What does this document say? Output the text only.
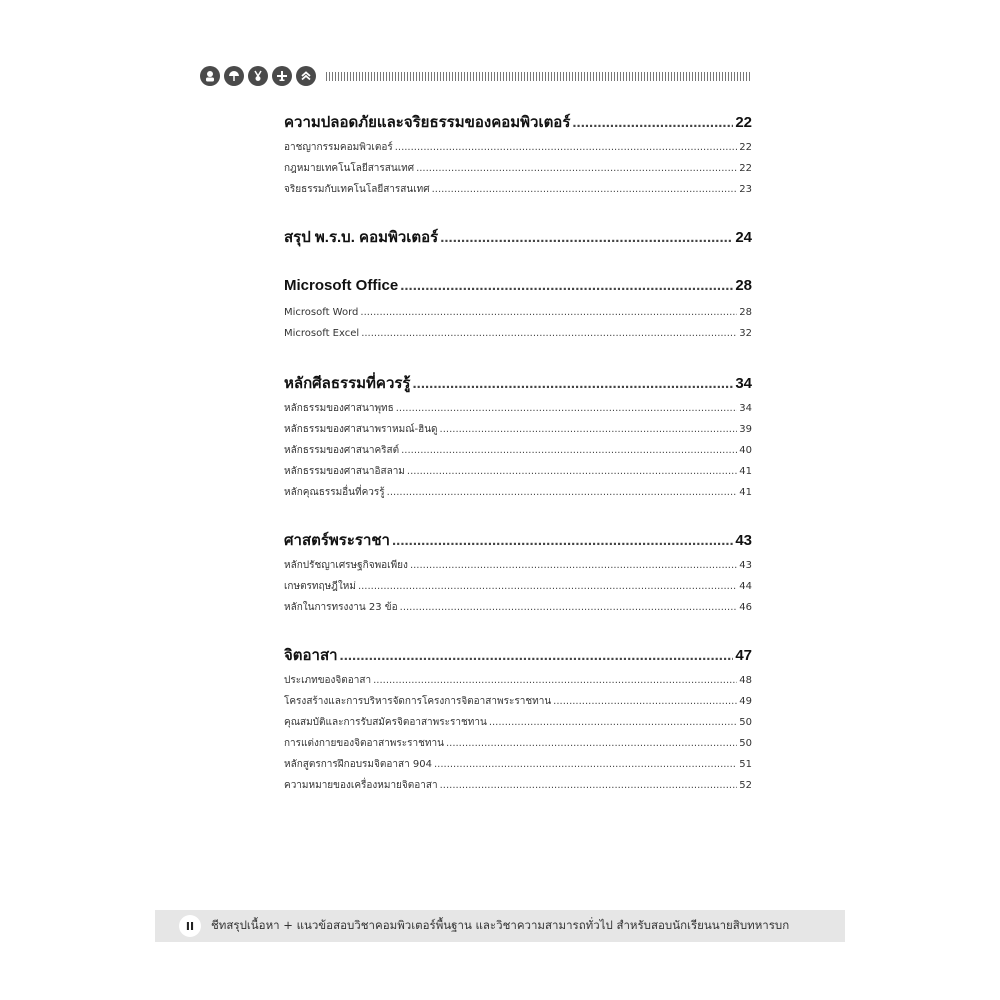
ความปลอดภัยและจริยธรรมของคอมพิวเตอร์ .....	22
อาชญากรรมคอมพิวเตอร์ .....	22
กฎหมายเทคโนโลยีสารสนเทศ .....	22
จริยธรรมกับเทคโนโลยีสารสนเทศ .....	23
สรุป พ.ร.บ. คอมพิวเตอร์ .....	24
Microsoft Office .....	28
Microsoft Word .....	28
Microsoft Excel .....	32
หลักศีลธรรมที่ควรรู้ .....	34
หลักธรรมของศาสนาพุทธ .....	34
หลักธรรมของศาสนาพราหมณ์-ฮินดู .....	39
หลักธรรมของศาสนาคริสต์ .....	40
หลักธรรมของศาสนาอิสลาม .....	41
หลักคุณธรรมอื่นที่ควรรู้ .....	41
ศาสตร์พระราชา .....	43
หลักปรัชญาเศรษฐกิจพอเพียง .....	43
เกษตรทฤษฎีใหม่ .....	44
หลักในการทรงงาน 23 ข้อ .....	46
จิตอาสา .....	47
ประเภทของจิตอาสา .....	48
โครงสร้างและการบริหารจัดการโครงการจิตอาสาพระราชทาน .....	49
คุณสมบัติและการรับสมัครจิตอาสาพระราชทาน .....	50
การแต่งกายของจิตอาสาพระราชทาน .....	50
หลักสูตรการฝึกอบรมจิตอาสา 904 .....	51
ความหมายของเครื่องหมายจิตอาสา .....	52
II	ชีทสรุปเนื้อหา + แนวข้อสอบวิชาคอมพิวเตอร์พื้นฐาน และวิชาความสามารถทั่วไป สำหรับสอบนักเรียนนายสิบทหารบก
